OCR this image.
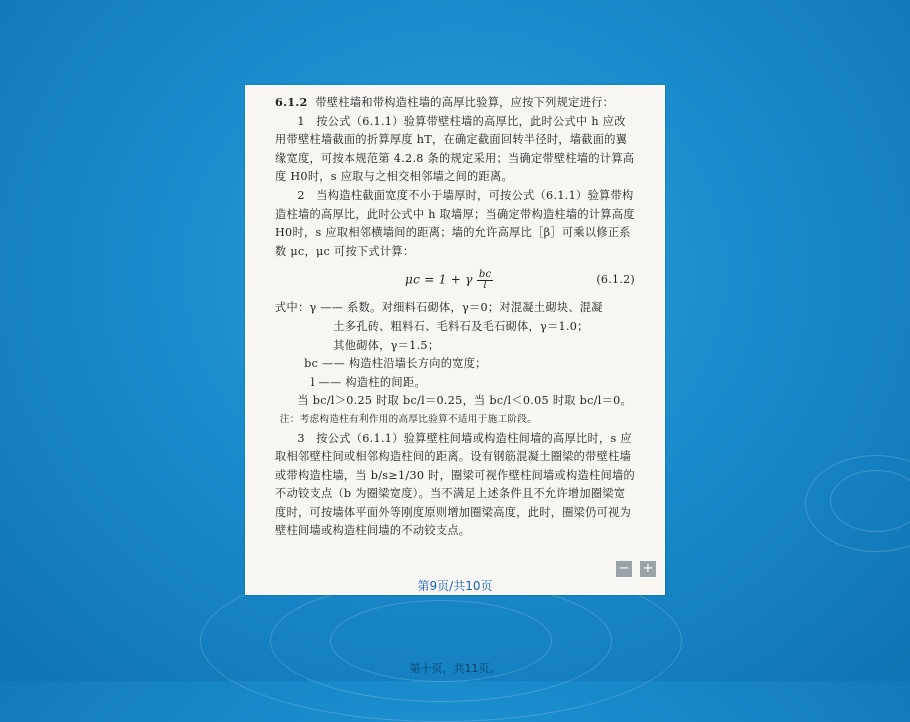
6.1.2 带壁柱墙和带构造柱墙的高厚比验算，应按下列规定进行：

1　按公式（6.1.1）验算带壁柱墙的高厚比，此时公式中 h 应改用带壁柱墙截面的折算厚度 hT，在确定截面回转半径时，墙截面的翼缘宽度，可按本规范第 4.2.8 条的规定采用；当确定带壁柱墙的计算高度 H0时，s 应取与之相交相邻墙之间的距离。

2　当构造柱截面宽度不小于墙厚时，可按公式（6.1.1）验算带构造柱墙的高厚比，此时公式中 h 取墙厚；当确定带构造柱墙的计算高度 H0时，s 应取相邻横墙间的距离；墙的允许高厚比［β］可乘以修正系数 μc，μc 可按下式计算：

μc = 1 + γ $\frac{bc}{l}$	(6.1.2)

式中：γ —— 系数。对细料石砌体，γ＝0；对混凝土砌块、混凝

土多孔砖、粗料石、毛料石及毛石砌体，γ＝1.0；

其他砌体，γ＝1.5；

bc —— 构造柱沿墙长方向的宽度；

l —— 构造柱的间距。

当 bc/l＞0.25 时取 bc/l＝0.25，当 bc/l＜0.05 时取 bc/l＝0。

注：考虑构造柱有利作用的高厚比验算不适用于施工阶段。

3　按公式（6.1.1）验算壁柱间墙或构造柱间墙的高厚比时，s 应取相邻壁柱间或相邻构造柱间的距离。设有钢筋混凝土圈梁的带壁柱墙或带构造柱墙，当 b/s≥1/30 时，圈梁可视作壁柱间墙或构造柱间墙的不动铰支点（b 为圈梁宽度）。当不满足上述条件且不允许增加圈梁宽度时，可按墙体平面外等刚度原则增加圈梁高度，此时，圈梁仍可视为壁柱间墙或构造柱间墙的不动铰支点。

第9页/共10页
− +
第十页，共11页。
